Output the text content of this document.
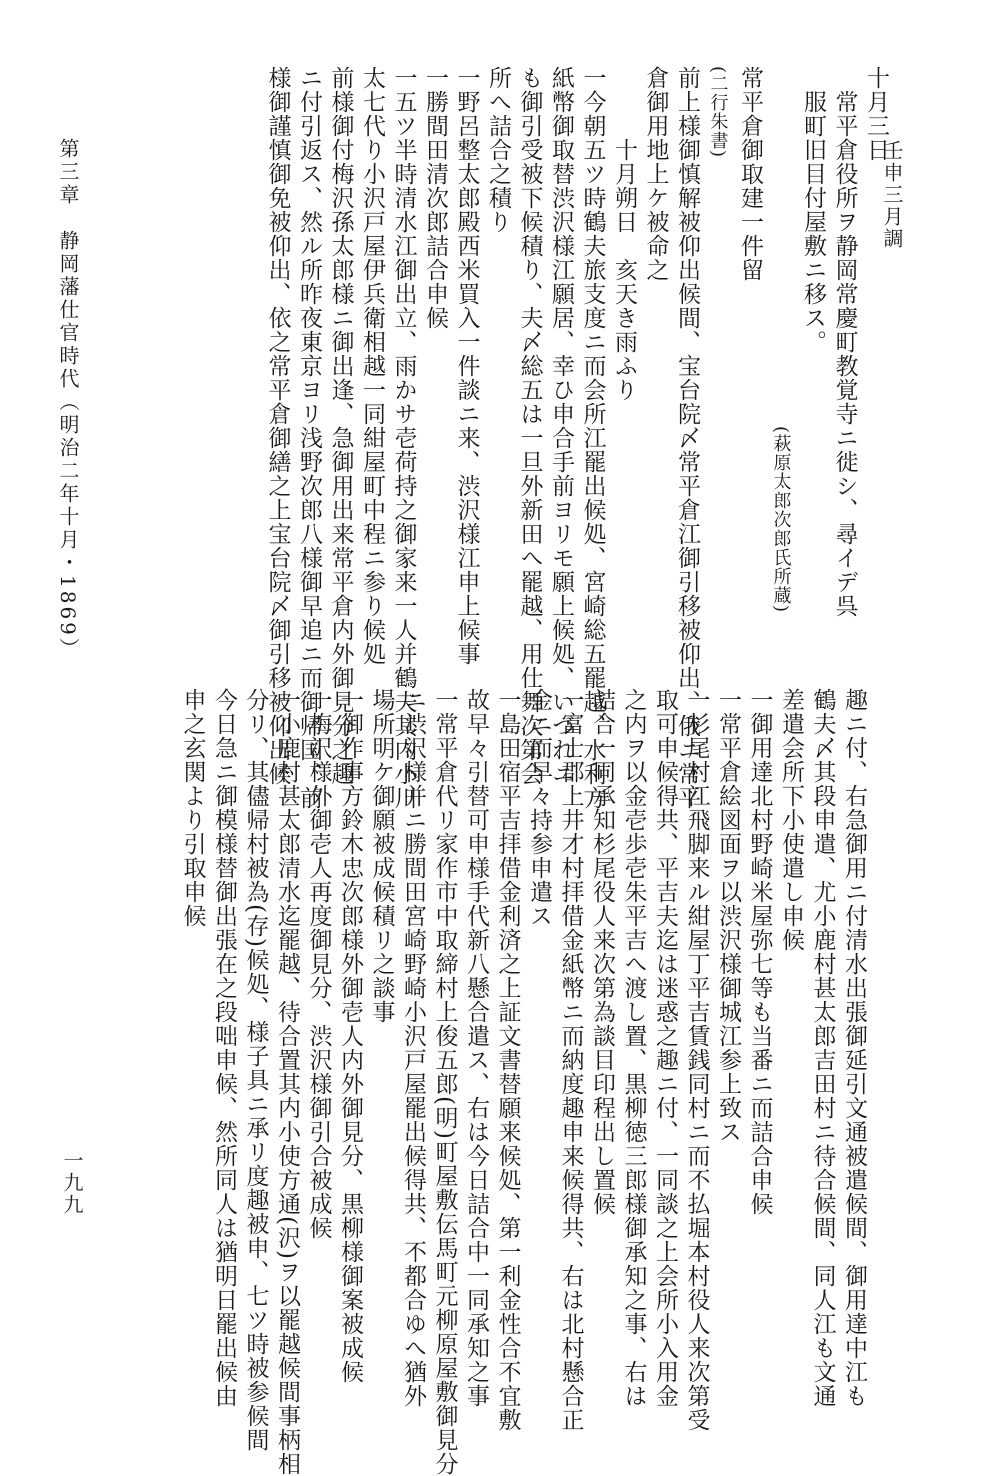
壬申三月調
十月三日
常平倉役所ヲ静岡常慶町教覚寺ニ徙シ、尋イデ呉
服町旧目付屋敷ニ移ス。
(萩原太郎次郎氏所蔵)
常平倉御取建一件留
(二行朱書)
前上様御慎解被仰出候間、宝台院〆常平倉江御引移被仰出、俄ニ常平
倉御用地上ケ被命之
十月朔日　亥天き雨ふり
一今朝五ツ時鶴夫旅支度ニ而会所江罷出候処、宮崎総五罷越、水利方
紙幣御取替渋沢様江願居、幸ひ申合手前ヨリモ願上候処、いづれニ
も御引受被下候積り、夫〆総五は一旦外新田へ罷越、用仕舞次第会
所へ詰合之積り
一野呂整太郎殿西米買入一件談ニ来、渋沢様江申上候事
一勝間田清次郎詰合申候
一五ツ半時清水江御出立、雨かサ壱荷持之御家来一人并鶴夫其内小川
太七代り小沢戸屋伊兵衛相越一同紺屋町中程ニ参り候処
前様御付梅沢孫太郎様ニ御出逢、急御用出来常平倉内外御見分之趣
ニ付引返ス、然ル所昨夜東京ヨリ浅野次郎八様御早追ニ而御帰国、前
様御謹慎御免被仰出、依之常平倉御繕之上宝台院〆御引移被仰出候
趣ニ付、右急御用ニ付清水出張御延引文通被遣候間、御用達中江も
鶴夫〆其段申遣、尤小鹿村甚太郎吉田村ニ待合候間、同人江も文通
差遣会所下小使遣し申候
一御用達北村野崎米屋弥七等も当番ニ而詰合申候
一常平倉絵図面ヲ以渋沢様御城江参上致ス
一杉尾村江飛脚来ル紺屋丁平吉賃銭同村ニ而不払堀本村役人来次第受
取可申候得共、平吉夫迄は迷惑之趣ニ付、一同談之上会所小入用金
之内ヲ以金壱歩壱朱平吉へ渡し置、黒柳徳三郎様御承知之事、右は
詰合一同承知杉尾役人来次第為談目印程出し置候
一富士郡上井才村拝借金紙幣ニ而納度趣申来候得共、右は北村懸合正
金ニ而早々持参申遣ス
一島田宿平吉拝借金利済之上証文書替願来候処、第一利金性合不宜敷
故早々引替可申様手代新八懸合遣ス、右は今日詰合中一同承知之事
一常平倉代リ家作市中取締村上俊五郎(明)町屋敷伝馬町元柳原屋敷御見分
ニ渋沢様并ニ勝間田宮崎野崎小沢戸屋罷出候得共、不都合ゆへ猶外
場所明ケ御願被成候積リ之談事
一御作事方鈴木忠次郎様外御壱人内外御見分、黒柳様御案被成候
一梅沢様外御壱人再度御見分、渋沢様御引合被成候
一小鹿村甚太郎清水迄罷越、待合置其内小使方通(沢)ヲ以罷越候間事柄相
分リ、其儘帰村被為(存)候処、様子具ニ承リ度趣被申、七ツ時被参候間
今日急ニ御模様替御出張在之段咄申候、然所同人は猶明日罷出候由
申之玄関より引取申候
第三章　静岡藩仕官時代（明治二年十月・1869）
一九九
